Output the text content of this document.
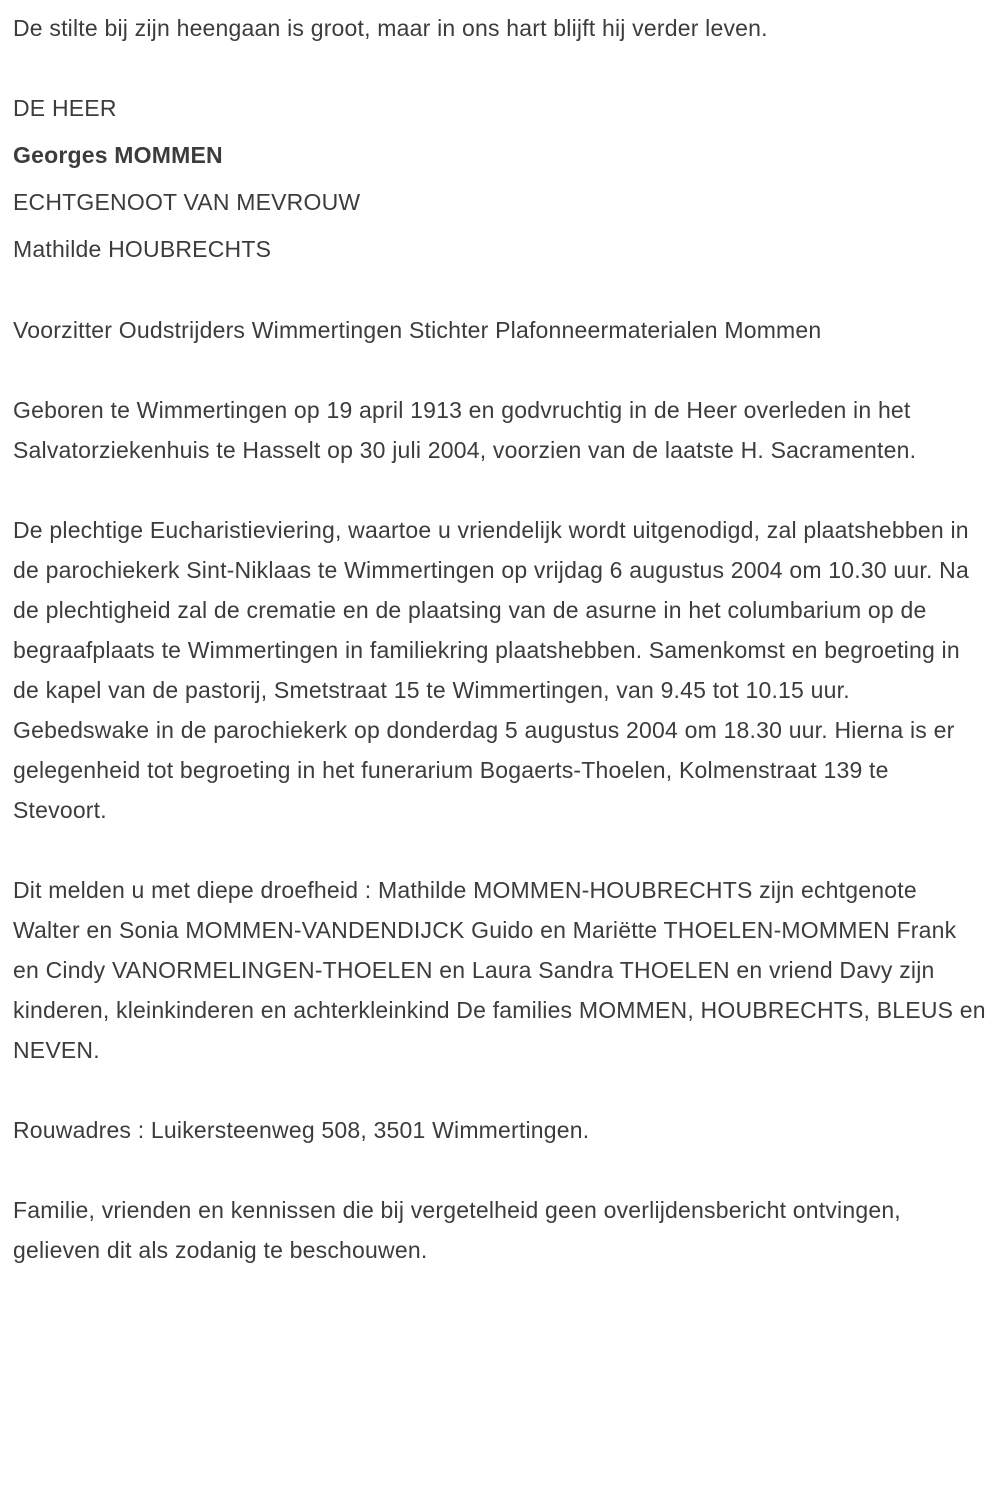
De stilte bij zijn heengaan is groot, maar in ons hart blijft hij verder leven.

DE HEER

Georges MOMMEN

ECHTGENOOT VAN MEVROUW

Mathilde HOUBRECHTS

Voorzitter Oudstrijders Wimmertingen Stichter Plafonneermaterialen Mommen

Geboren te Wimmertingen op 19 april 1913 en godvruchtig in de Heer overleden in het Salvatorziekenhuis te Hasselt op 30 juli 2004, voorzien van de laatste H. Sacramenten.

De plechtige Eucharistieviering, waartoe u vriendelijk wordt uitgenodigd, zal plaatshebben in de parochiekerk Sint-Niklaas te Wimmertingen op vrijdag 6 augustus 2004 om 10.30 uur. Na de plechtigheid zal de crematie en de plaatsing van de asurne in het columbarium op de begraafplaats te Wimmertingen in familiekring plaatshebben. Samenkomst en begroeting in de kapel van de pastorij, Smetstraat 15 te Wimmertingen, van 9.45 tot 10.15 uur. Gebedswake in de parochiekerk op donderdag 5 augustus 2004 om 18.30 uur. Hierna is er gelegenheid tot begroeting in het funerarium Bogaerts-Thoelen, Kolmenstraat 139 te Stevoort.

Dit melden u met diepe droefheid : Mathilde MOMMEN-HOUBRECHTS zijn echtgenote Walter en Sonia MOMMEN-VANDENDIJCK Guido en Mariëtte THOELEN-MOMMEN Frank en Cindy VANORMELINGEN-THOELEN en Laura Sandra THOELEN en vriend Davy zijn kinderen, kleinkinderen en achterkleinkind De families MOMMEN, HOUBRECHTS, BLEUS en NEVEN.

Rouwadres : Luikersteenweg 508, 3501 Wimmertingen.

Familie, vrienden en kennissen die bij vergetelheid geen overlijdensbericht ontvingen, gelieven dit als zodanig te beschouwen.
